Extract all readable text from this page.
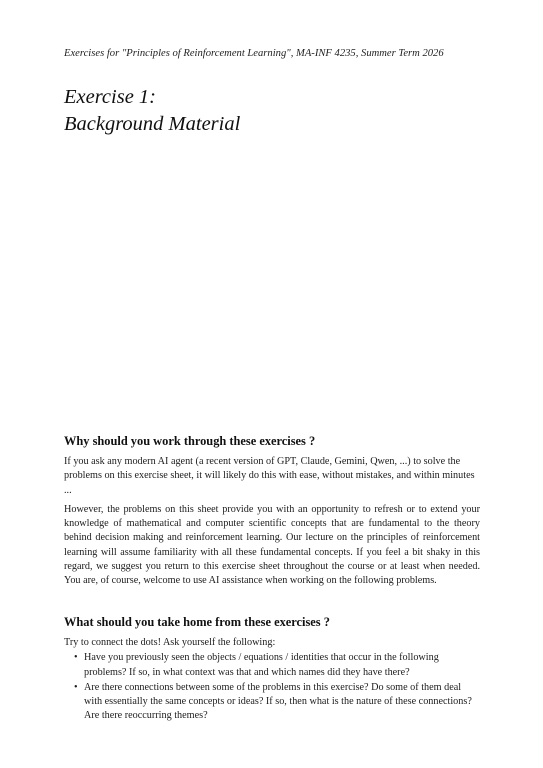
Exercises for "Principles of Reinforcement Learning", MA-INF 4235, Summer Term 2026
Exercise 1:
Background Material
Why should you work through these exercises ?

If you ask any modern AI agent (a recent version of GPT, Claude, Gemini, Qwen, ...) to solve the problems on this exercise sheet, it will likely do this with ease, without mistakes, and within minutes ...

However, the problems on this sheet provide you with an opportunity to refresh or to extend your knowledge of mathematical and computer scientific concepts that are fundamental to the theory behind decision making and reinforcement learning. Our lecture on the principles of reinforcement learning will assume familiarity with all these fundamental concepts. If you feel a bit shaky in this regard, we suggest you return to this exercise sheet throughout the course or at least when needed. You are, of course, welcome to use AI assistance when working on the following problems.

What should you take home from these exercises ?

Try to connect the dots! Ask yourself the following:

• Have you previously seen the objects / equations / identities that occur in the following problems? If so, in what context was that and which names did they have there?
• Are there connections between some of the problems in this exercise? Do some of them deal with essentially the same concepts or ideas? If so, then what is the nature of these connections? Are there reoccurring themes?
